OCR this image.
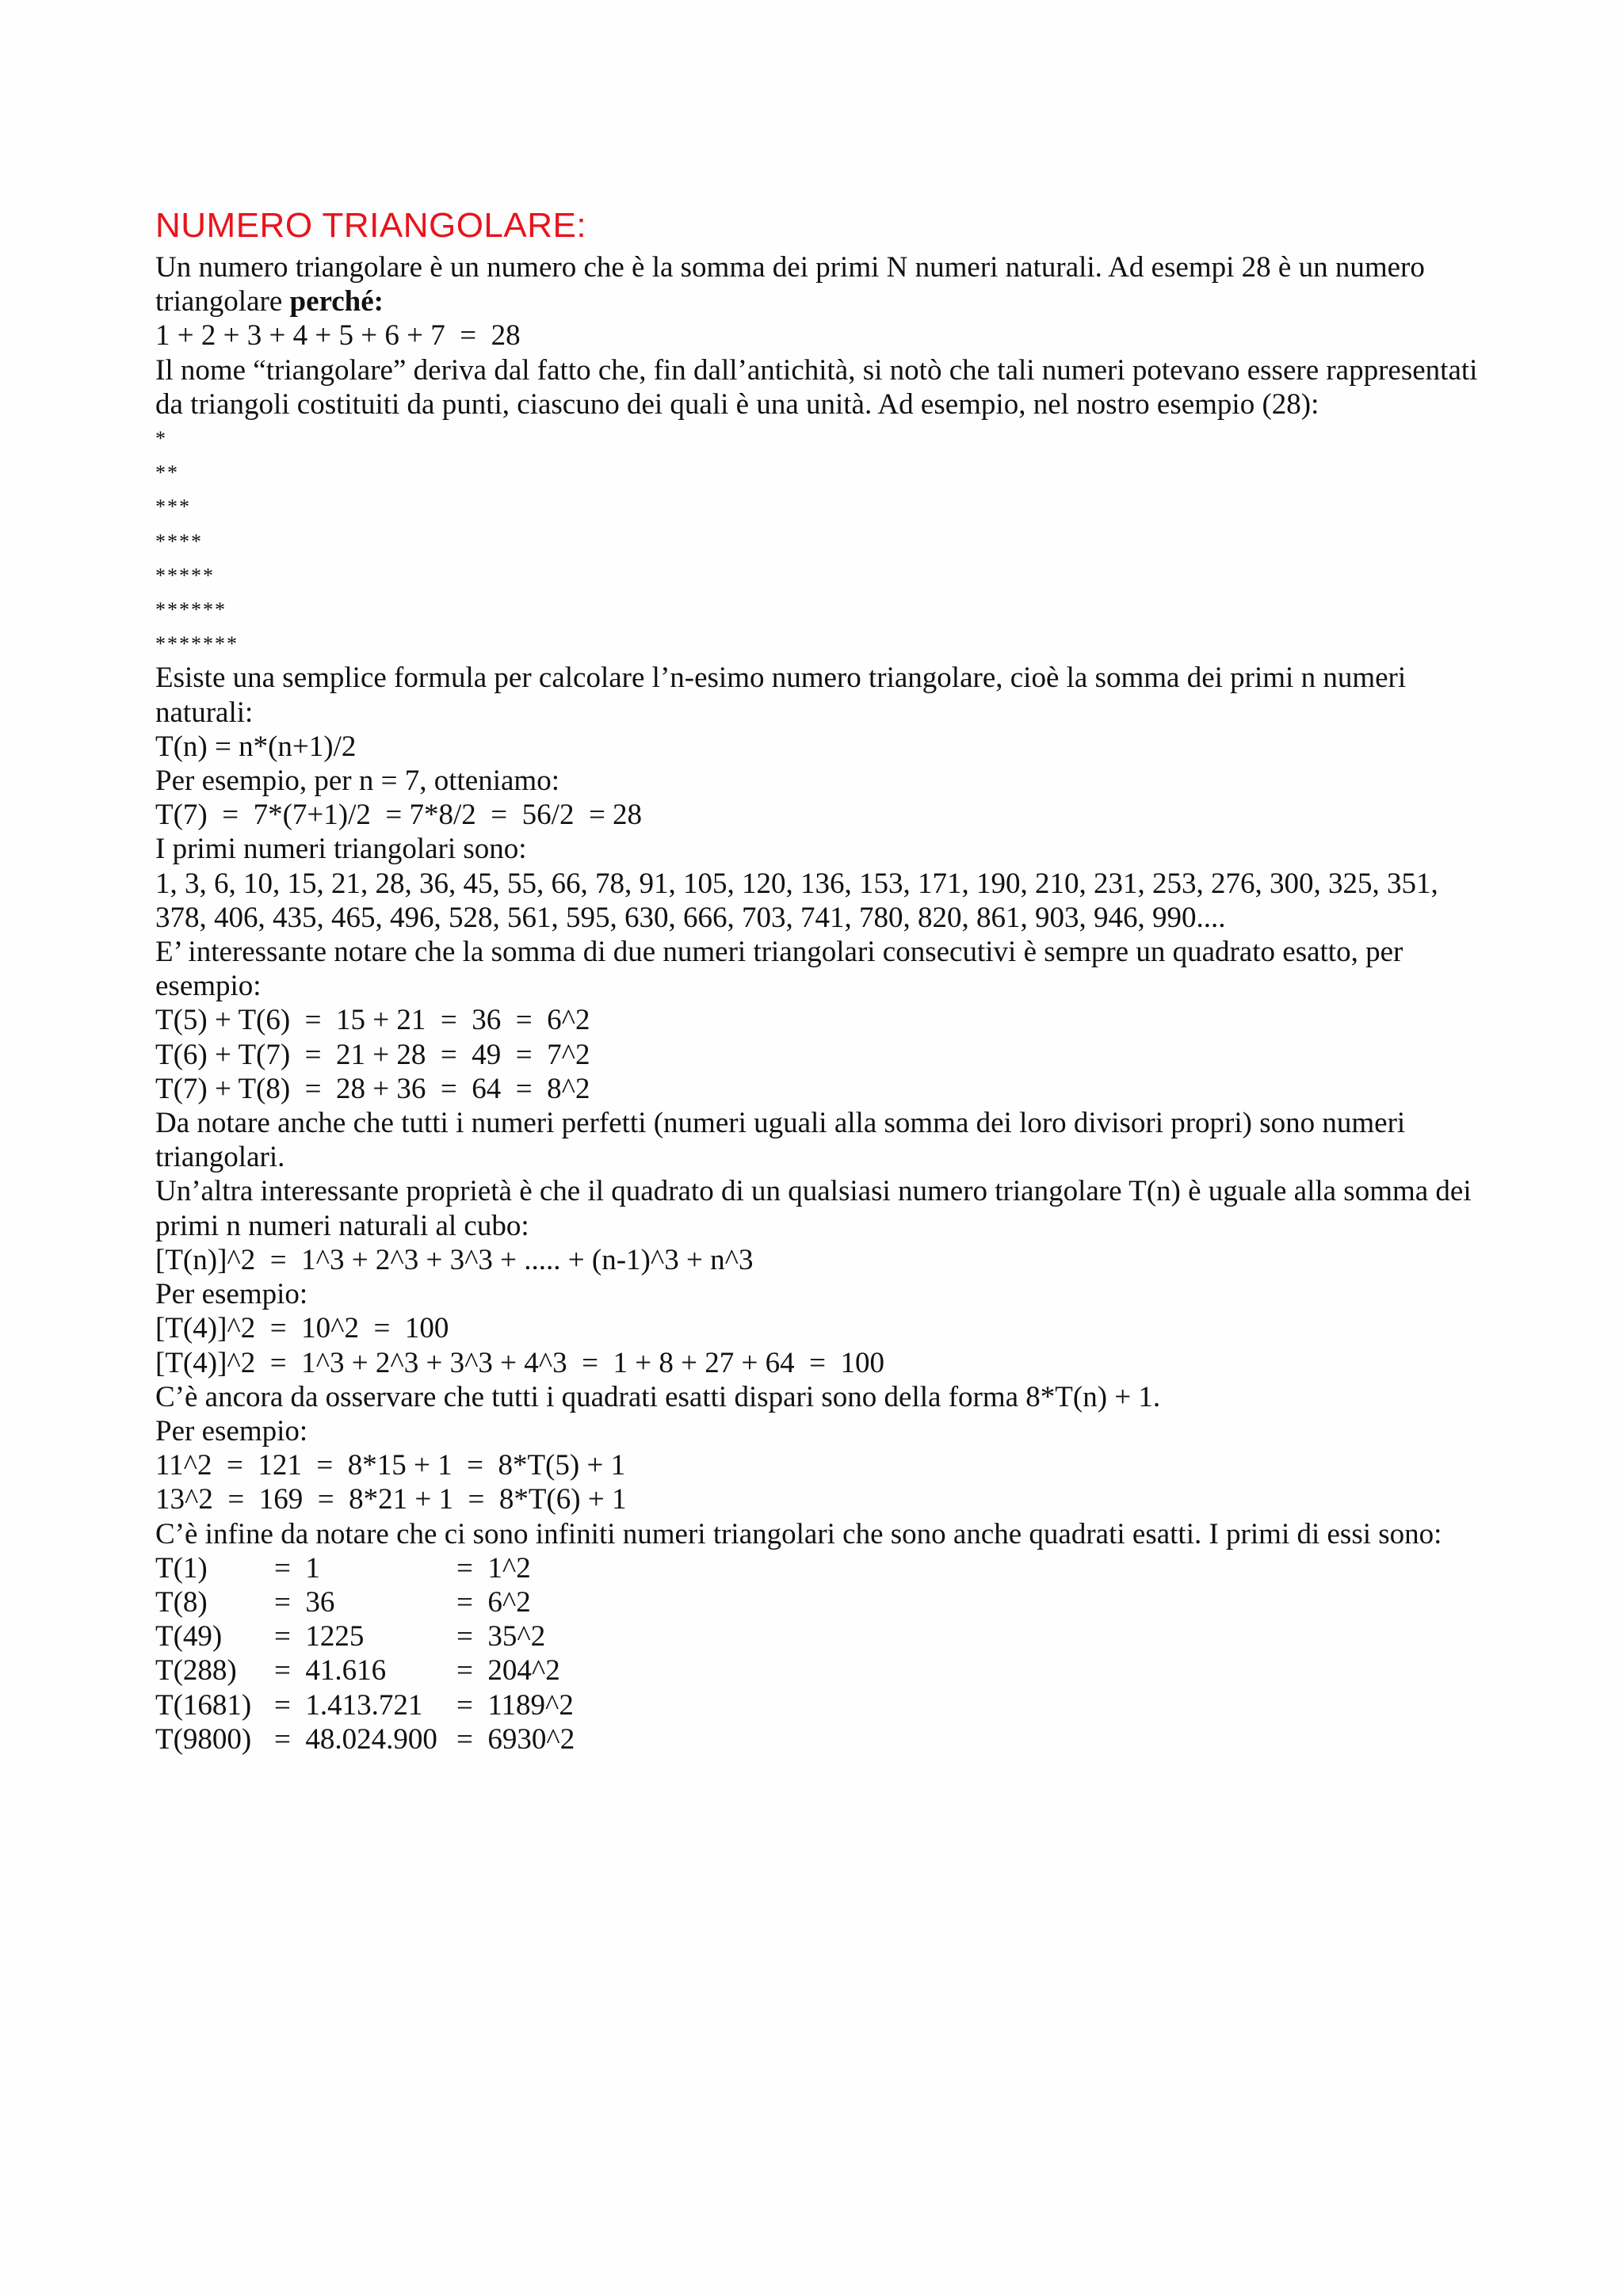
NUMERO TRIANGOLARE:

Un numero triangolare è un numero che è la somma dei primi N numeri naturali. Ad esempi 28 è un numero triangolare perché:

1 + 2 + 3 + 4 + 5 + 6 + 7  =  28

Il nome “triangolare” deriva dal fatto che, fin dall’antichità, si notò che tali numeri potevano essere rappresentati da triangoli costituiti da punti, ciascuno dei quali è una unità. Ad esempio, nel nostro esempio (28):

*
**
***
****
*****
******
*******

Esiste una semplice formula per calcolare l’n-esimo numero triangolare, cioè la somma dei primi n numeri naturali:

T(n) = n*(n+1)/2
Per esempio, per n = 7, otteniamo:
T(7)  =  7*(7+1)/2  = 7*8/2  =  56/2  = 28
I primi numeri triangolari sono:

1, 3, 6, 10, 15, 21, 28, 36, 45, 55, 66, 78, 91, 105, 120, 136, 153, 171, 190, 210, 231, 253, 276, 300, 325, 351, 378, 406, 435, 465, 496, 528, 561, 595, 630, 666, 703, 741, 780, 820, 861, 903, 946, 990....

E’ interessante notare che la somma di due numeri triangolari consecutivi è sempre un quadrato esatto, per esempio:

T(5) + T(6)  =  15 + 21  =  36  =  6^2
T(6) + T(7)  =  21 + 28  =  49  =  7^2
T(7) + T(8)  =  28 + 36  =  64  =  8^2

Da notare anche che tutti i numeri perfetti (numeri uguali alla somma dei loro divisori propri) sono numeri triangolari.

Un’altra interessante proprietà è che il quadrato di un qualsiasi numero triangolare T(n) è uguale alla somma dei primi n numeri naturali al cubo:

[T(n)]^2  =  1^3 + 2^3 + 3^3 + ..... + (n-1)^3 + n^3
Per esempio:
[T(4)]^2  =  10^2  =  100
[T(4)]^2  =  1^3 + 2^3 + 3^3 + 4^3  =  1 + 8 + 27 + 64  =  100

C’è ancora da osservare che tutti i quadrati esatti dispari sono della forma 8*T(n) + 1.

Per esempio:
11^2  =  121  =  8*15 + 1  =  8*T(5) + 1
13^2  =  169  =  8*21 + 1  =  8*T(6) + 1

C’è infine da notare che ci sono infiniti numeri triangolari che sono anche quadrati esatti. I primi di essi sono:

T(1)	=  1	=  1^2
T(8)	=  36	=  6^2
T(49)	=  1225	=  35^2
T(288)	=  41.616	=  204^2
T(1681) =  1.413.721	=  1189^2
T(9800) =  48.024.900 =  6930^2
